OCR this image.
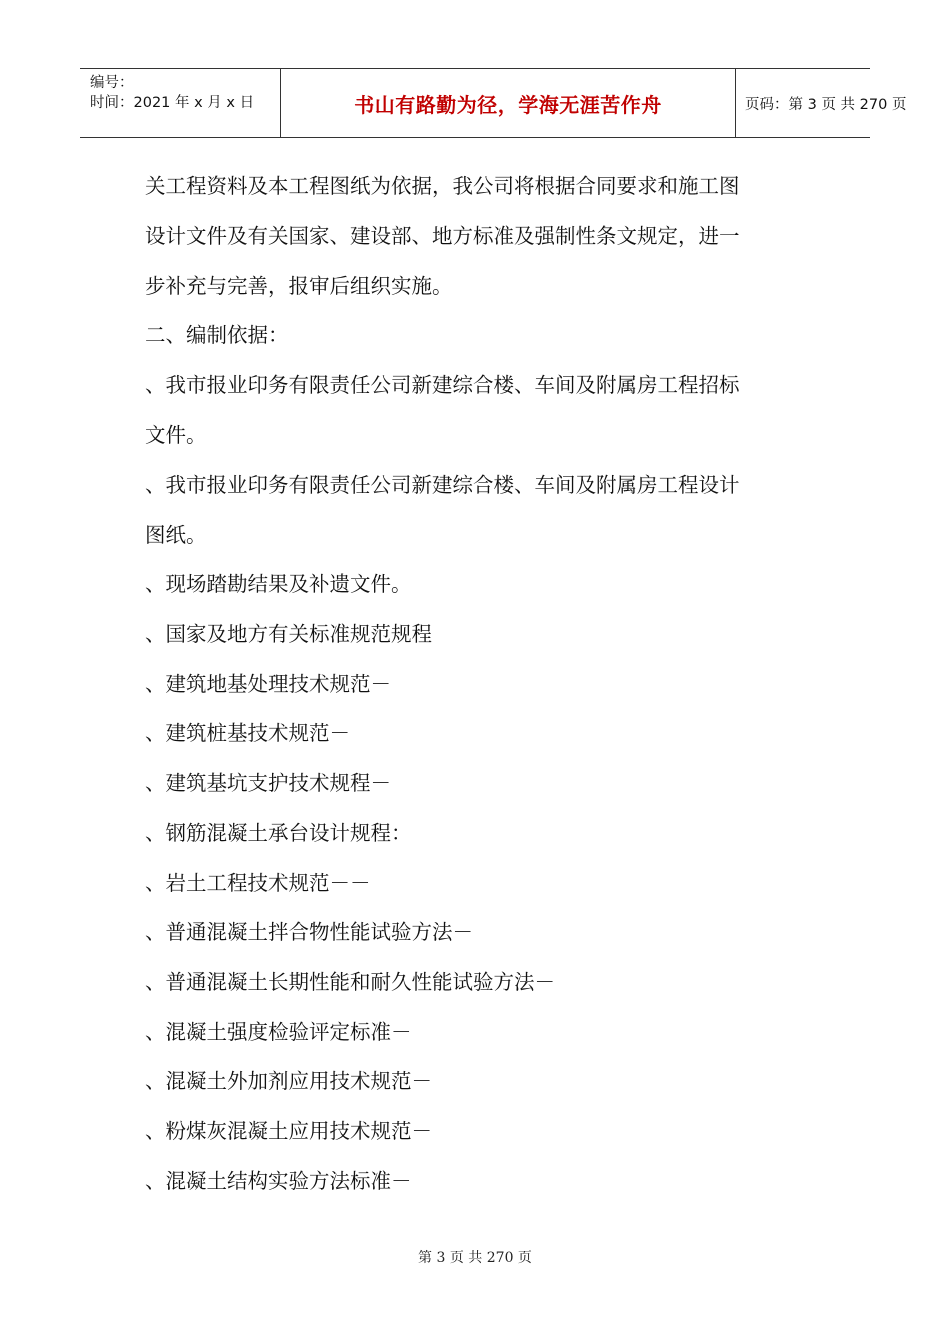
编号：
时间：2021 年 x 月 x 日	书山有路勤为径，学海无涯苦作舟	页码：第 3 页 共 270 页
关工程资料及本工程图纸为依据，我公司将根据合同要求和施工图
设计文件及有关国家、建设部、地方标准及强制性条文规定，进一
步补充与完善，报审后组织实施。
二、编制依据：
、我市报业印务有限责任公司新建综合楼、车间及附属房工程招标
文件。
、我市报业印务有限责任公司新建综合楼、车间及附属房工程设计
图纸。
、现场踏勘结果及补遗文件。
、国家及地方有关标准规范规程
、建筑地基处理技术规范－
、建筑桩基技术规范－
、建筑基坑支护技术规程－
、钢筋混凝土承台设计规程：
、岩土工程技术规范－－
、普通混凝土拌合物性能试验方法－
、普通混凝土长期性能和耐久性能试验方法－
、混凝土强度检验评定标准－
、混凝土外加剂应用技术规范－
、粉煤灰混凝土应用技术规范－
、混凝土结构实验方法标准－
第 3 页 共 270 页
